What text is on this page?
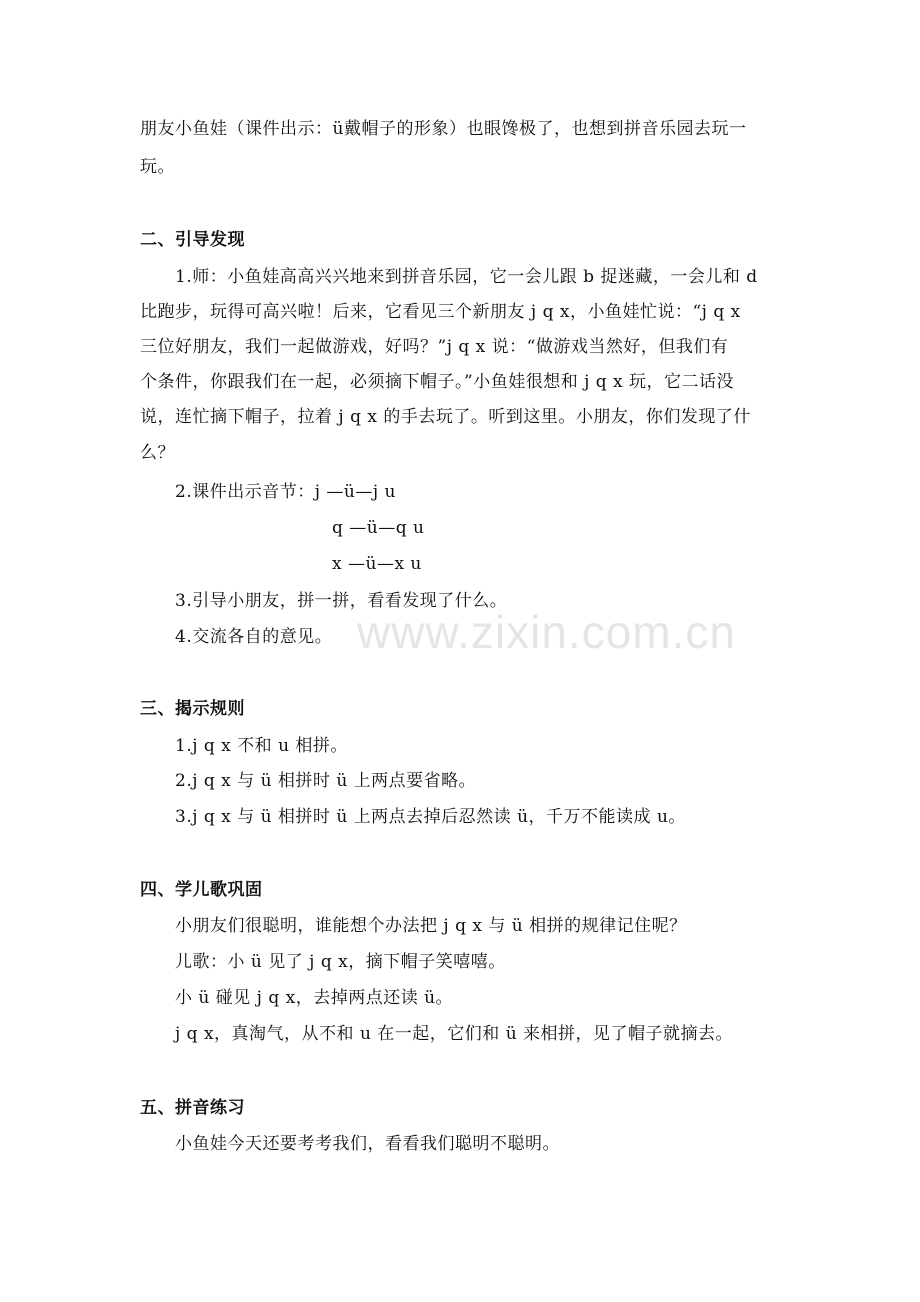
朋友小鱼娃（课件出示：ü戴帽子的形象）也眼馋极了，也想到拼音乐园去玩一
玩。
二、引导发现
1.师：小鱼娃高高兴兴地来到拼音乐园，它一会儿跟 b 捉迷藏，一会儿和 d
比跑步，玩得可高兴啦！后来，它看见三个新朋友 j q x，小鱼娃忙说：“j q x
三位好朋友，我们一起做游戏，好吗？”j q x 说：“做游戏当然好，但我们有
个条件，你跟我们在一起，必须摘下帽子。”小鱼娃很想和 j q x 玩，它二话没
说，连忙摘下帽子，拉着 j q x 的手去玩了。听到这里。小朋友，你们发现了什
么？
2.课件出示音节：j —ü—j u
q —ü—q u
x —ü—x u
3.引导小朋友，拼一拼，看看发现了什么。
4.交流各自的意见。
三、揭示规则
1.j q x 不和 u 相拼。
2.j q x 与 ü 相拼时 ü 上两点要省略。
3.j q x 与 ü 相拼时 ü 上两点去掉后忍然读 ü，千万不能读成 u。
四、学儿歌巩固
小朋友们很聪明，谁能想个办法把 j q x 与 ü 相拼的规律记住呢？
儿歌：小 ü 见了 j q x，摘下帽子笑嘻嘻。
小 ü 碰见 j q x，去掉两点还读 ü。
j q x，真淘气，从不和 u 在一起，它们和 ü 来相拼，见了帽子就摘去。
五、拼音练习
小鱼娃今天还要考考我们，看看我们聪明不聪明。
www.zixin.com.cn
